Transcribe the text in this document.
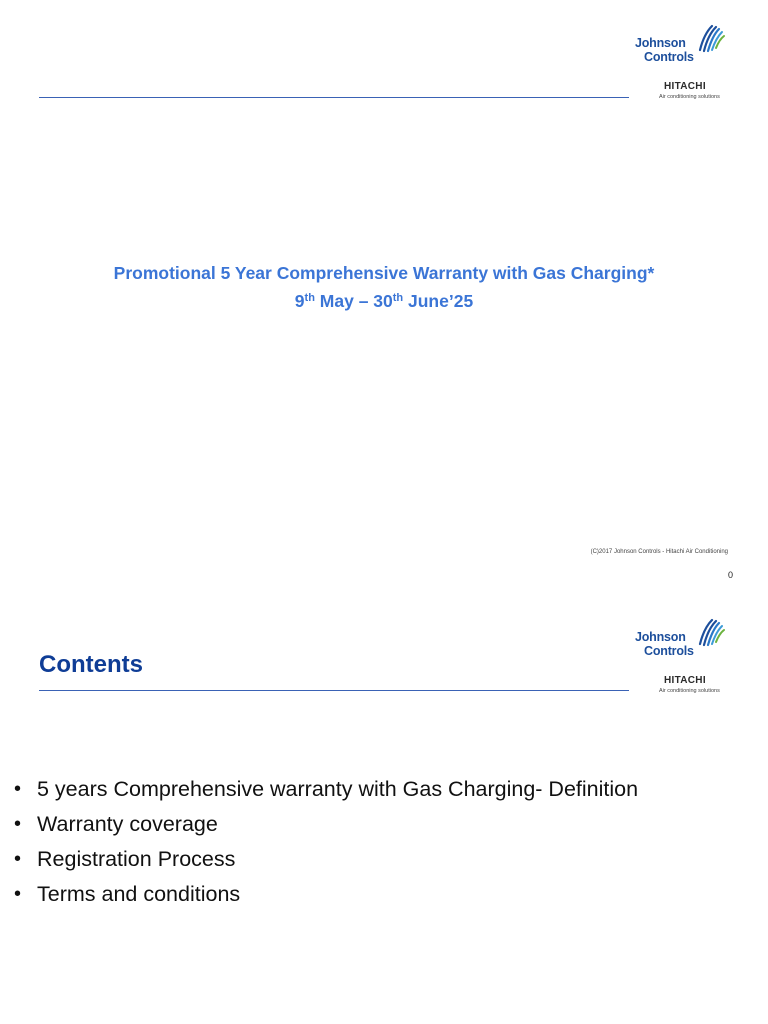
Johnson
Controls
HITACHI
Air conditioning solutions

Promotional 5 Year Comprehensive Warranty with Gas Charging*

9th May – 30th June’25

(C)2017 Johnson Controls - Hitachi Air Conditioning
0
Johnson
Controls
HITACHI
Air conditioning solutions
Contents
• 5 years Comprehensive warranty with Gas Charging- Definition
• Warranty coverage
• Registration Process
• Terms and conditions
